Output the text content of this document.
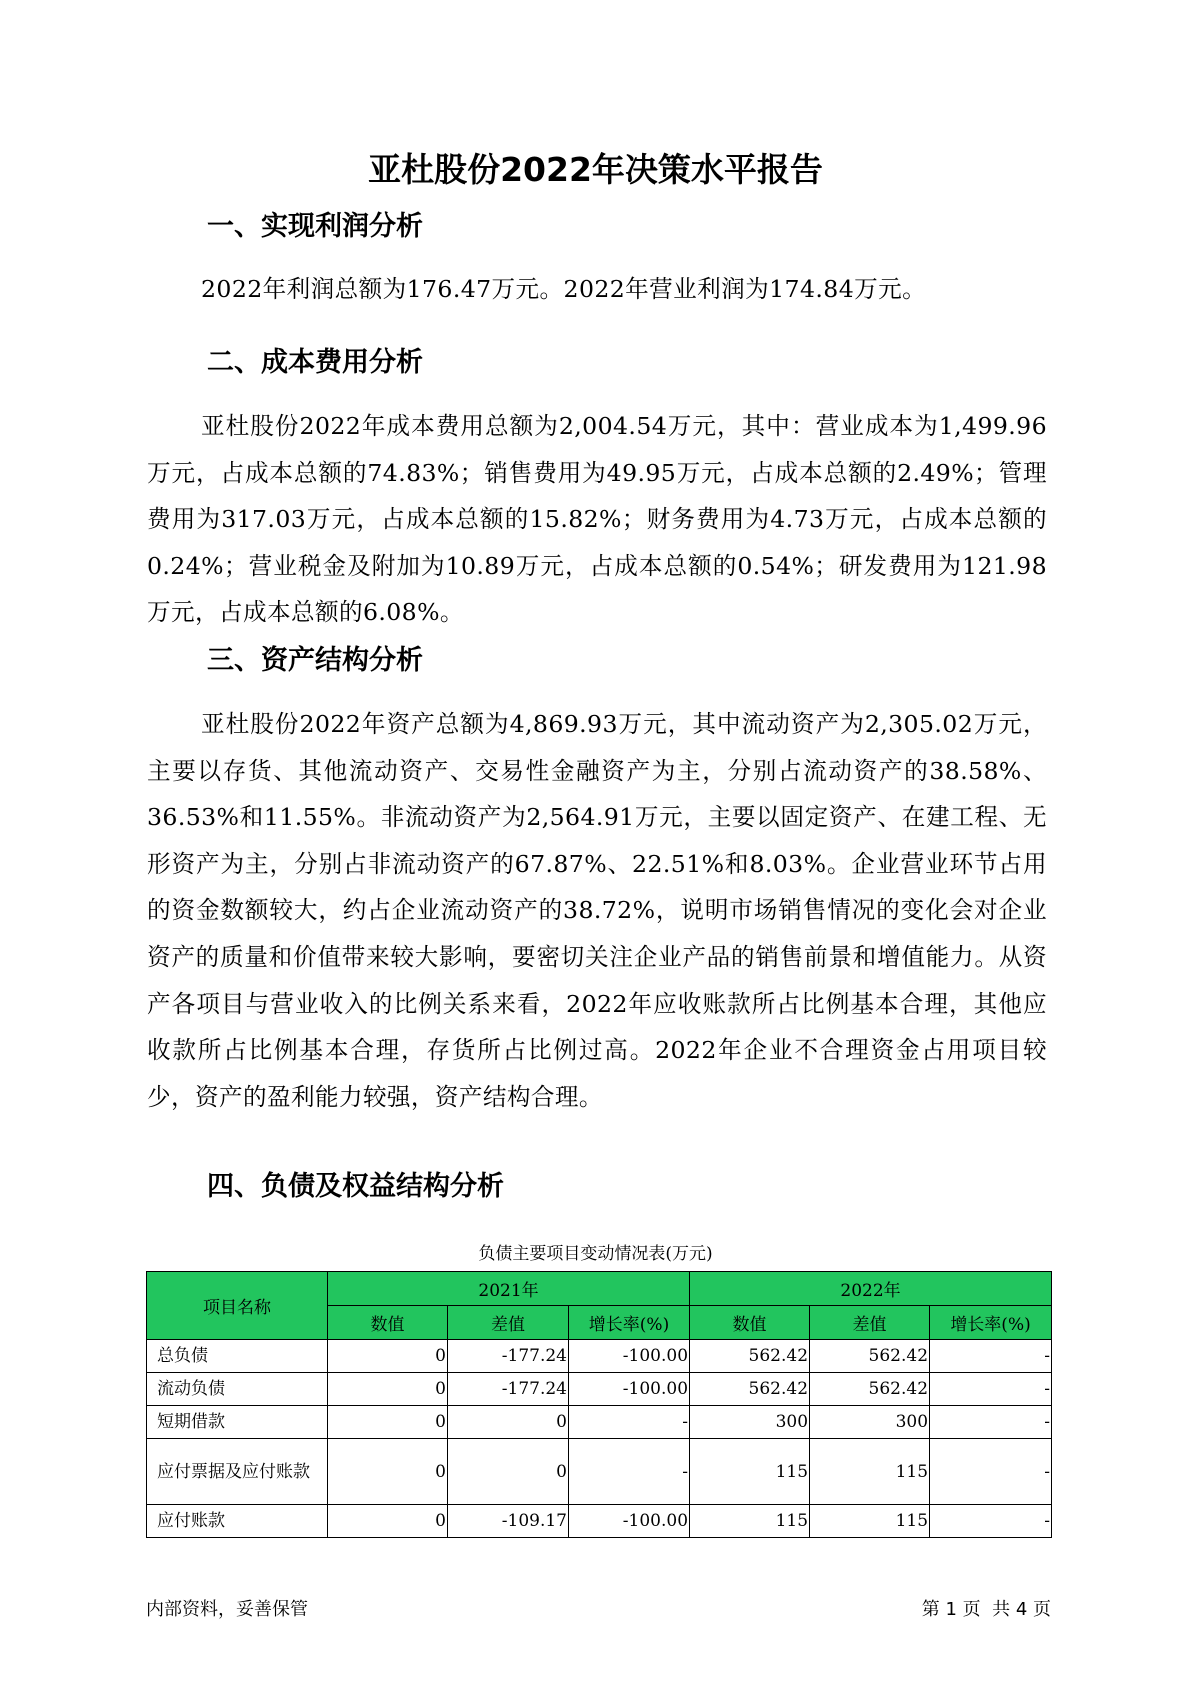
亚杜股份2022年决策水平报告
一、实现利润分析
2022年利润总额为176.47万元。2022年营业利润为174.84万元。
二、成本费用分析
亚杜股份2022年成本费用总额为2,004.54万元，其中：营业成本为1,499.96万元，占成本总额的74.83%；销售费用为49.95万元，占成本总额的2.49%；管理费用为317.03万元，占成本总额的15.82%；财务费用为4.73万元，占成本总额的0.24%；营业税金及附加为10.89万元，占成本总额的0.54%；研发费用为121.98万元，占成本总额的6.08%。
三、资产结构分析
亚杜股份2022年资产总额为4,869.93万元，其中流动资产为2,305.02万元，主要以存货、其他流动资产、交易性金融资产为主，分别占流动资产的38.58%、36.53%和11.55%。非流动资产为2,564.91万元，主要以固定资产、在建工程、无形资产为主，分别占非流动资产的67.87%、22.51%和8.03%。企业营业环节占用的资金数额较大，约占企业流动资产的38.72%，说明市场销售情况的变化会对企业资产的质量和价值带来较大影响，要密切关注企业产品的销售前景和增值能力。从资产各项目与营业收入的比例关系来看，2022年应收账款所占比例基本合理，其他应收款所占比例基本合理，存货所占比例过高。2022年企业不合理资金占用项目较少，资产的盈利能力较强，资产结构合理。
四、负债及权益结构分析
负债主要项目变动情况表(万元)
项目名称	2021年			2022年		
	数值	差值	增长率(%)	数值	差值	增长率(%)
总负债	0	-177.24	-100.00	562.42	562.42	-
流动负债	0	-177.24	-100.00	562.42	562.42	-
短期借款	0	0	-	300	300	-
应付票据及应付账款	0	0	-	115	115	-
应付账款	0	-109.17	-100.00	115	115	-
内部资料，妥善保管	第 1 页  共 4 页
